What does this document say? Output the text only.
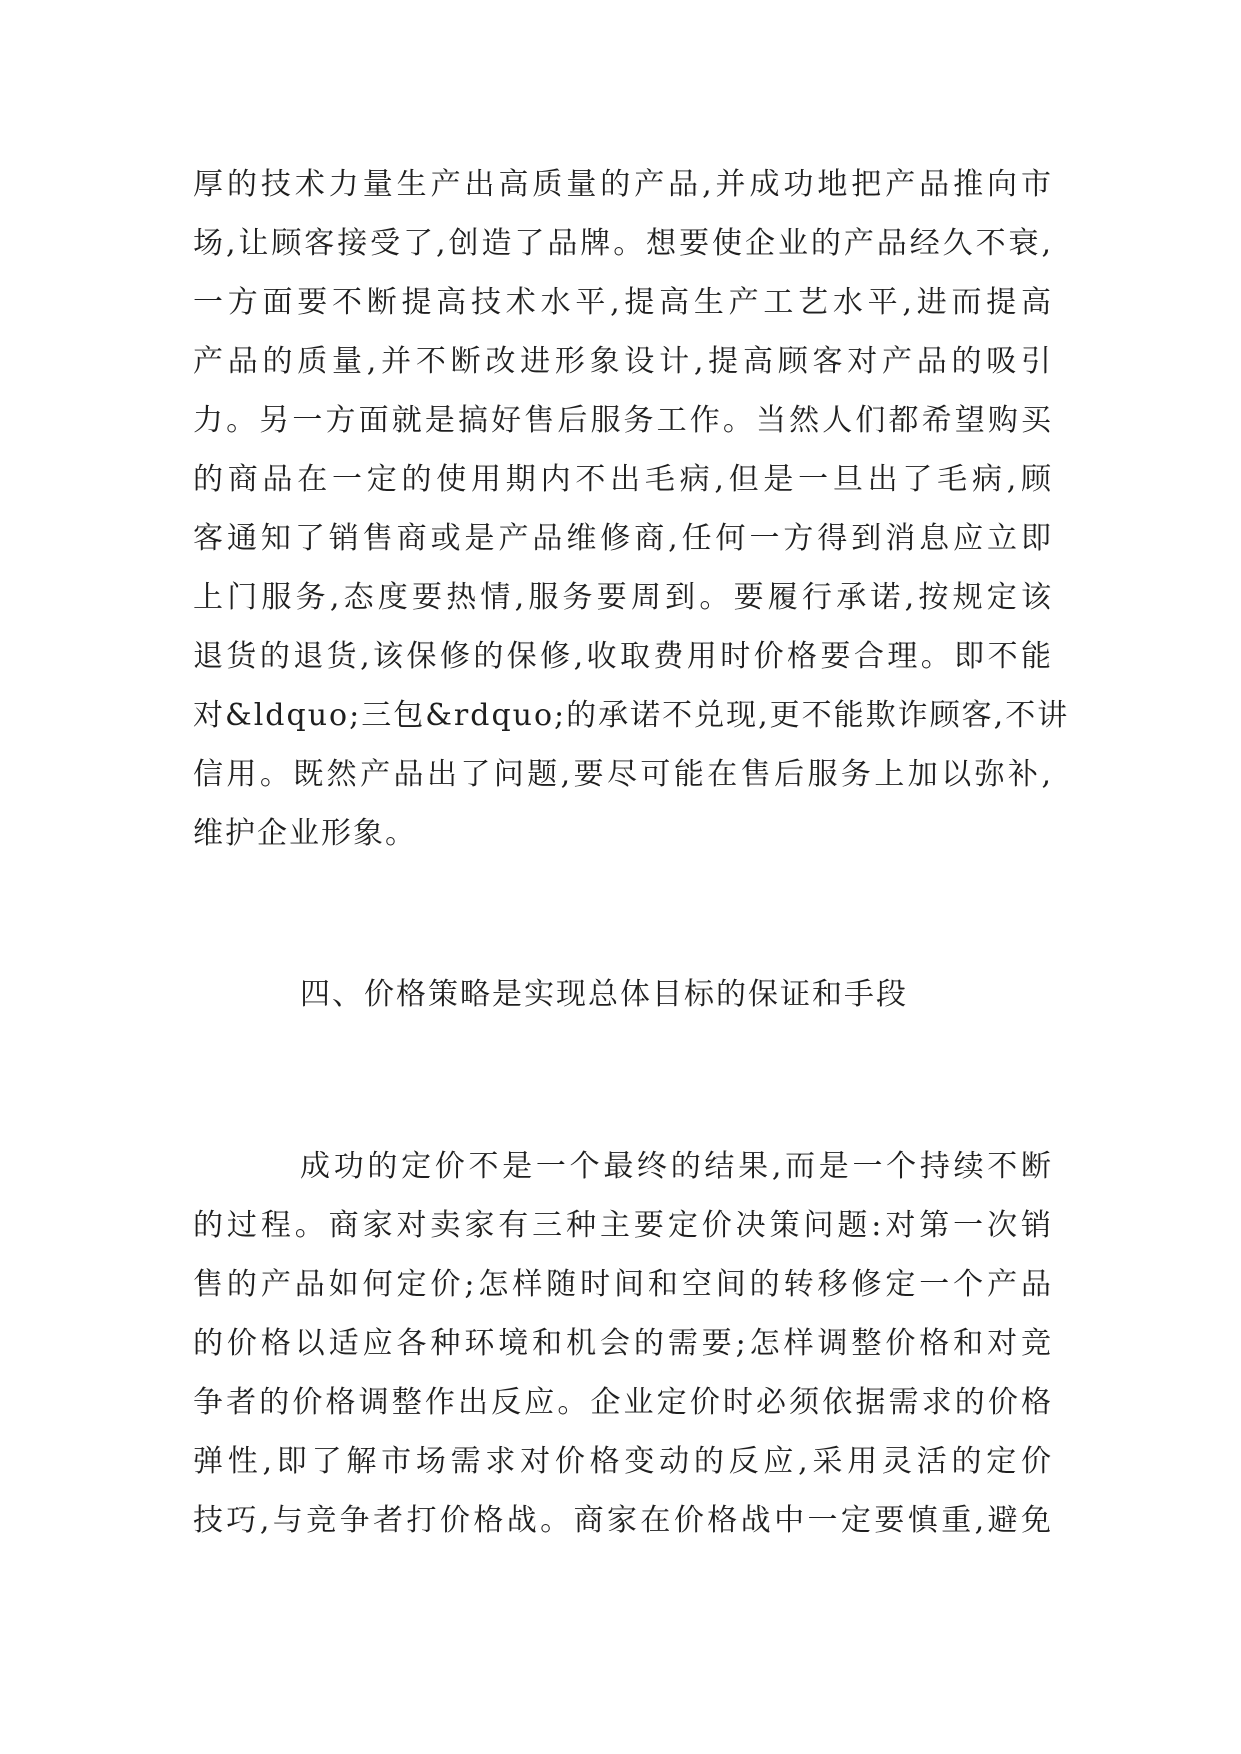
厚的技术力量生产出高质量的产品,并成功地把产品推向市
场,让顾客接受了,创造了品牌。想要使企业的产品经久不衰,
一方面要不断提高技术水平,提高生产工艺水平,进而提高
产品的质量,并不断改进形象设计,提高顾客对产品的吸引
力。另一方面就是搞好售后服务工作。当然人们都希望购买
的商品在一定的使用期内不出毛病,但是一旦出了毛病,顾
客通知了销售商或是产品维修商,任何一方得到消息应立即
上门服务,态度要热情,服务要周到。要履行承诺,按规定该
退货的退货,该保修的保修,收取费用时价格要合理。即不能
对&ldquo;三包&rdquo;的承诺不兑现,更不能欺诈顾客,不讲
信用。既然产品出了问题,要尽可能在售后服务上加以弥补,
维护企业形象。
四、价格策略是实现总体目标的保证和手段
成功的定价不是一个最终的结果,而是一个持续不断
的过程。商家对卖家有三种主要定价决策问题:对第一次销
售的产品如何定价;怎样随时间和空间的转移修定一个产品
的价格以适应各种环境和机会的需要;怎样调整价格和对竞
争者的价格调整作出反应。企业定价时必须依据需求的价格
弹性,即了解市场需求对价格变动的反应,采用灵活的定价
技巧,与竞争者打价格战。商家在价格战中一定要慎重,避免
